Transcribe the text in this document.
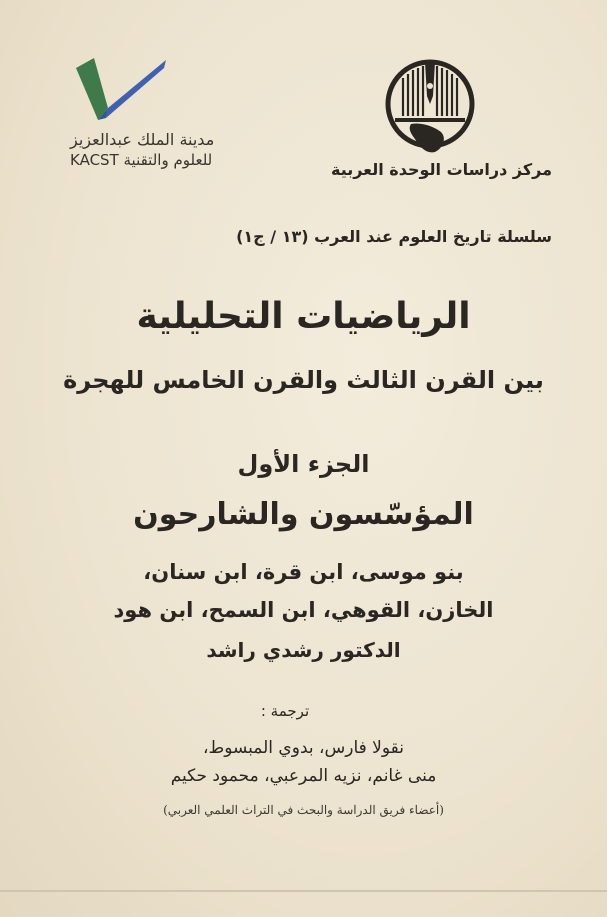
مدينة الملك عبدالعزيز
للعلوم والتقنية KACST	مركز دراسات الوحدة العربية
سلسلة تاريخ العلوم عند العرب (١٣ / ج١)
الرياضيات التحليلية
بين القرن الثالث والقرن الخامس للهجرة
الجزء الأول
المؤسّسون والشارحون
بنو موسى، ابن قرة، ابن سنان،
الخازن، القوهي، ابن السمح، ابن هود
الدكتور رشدي راشد
ترجمة :
نقولا فارس، بدوي المبسوط،
منى غانم، نزيه المرعبي، محمود حكيم
(أعضاء فريق الدراسة والبحث في التراث العلمي العربي)
